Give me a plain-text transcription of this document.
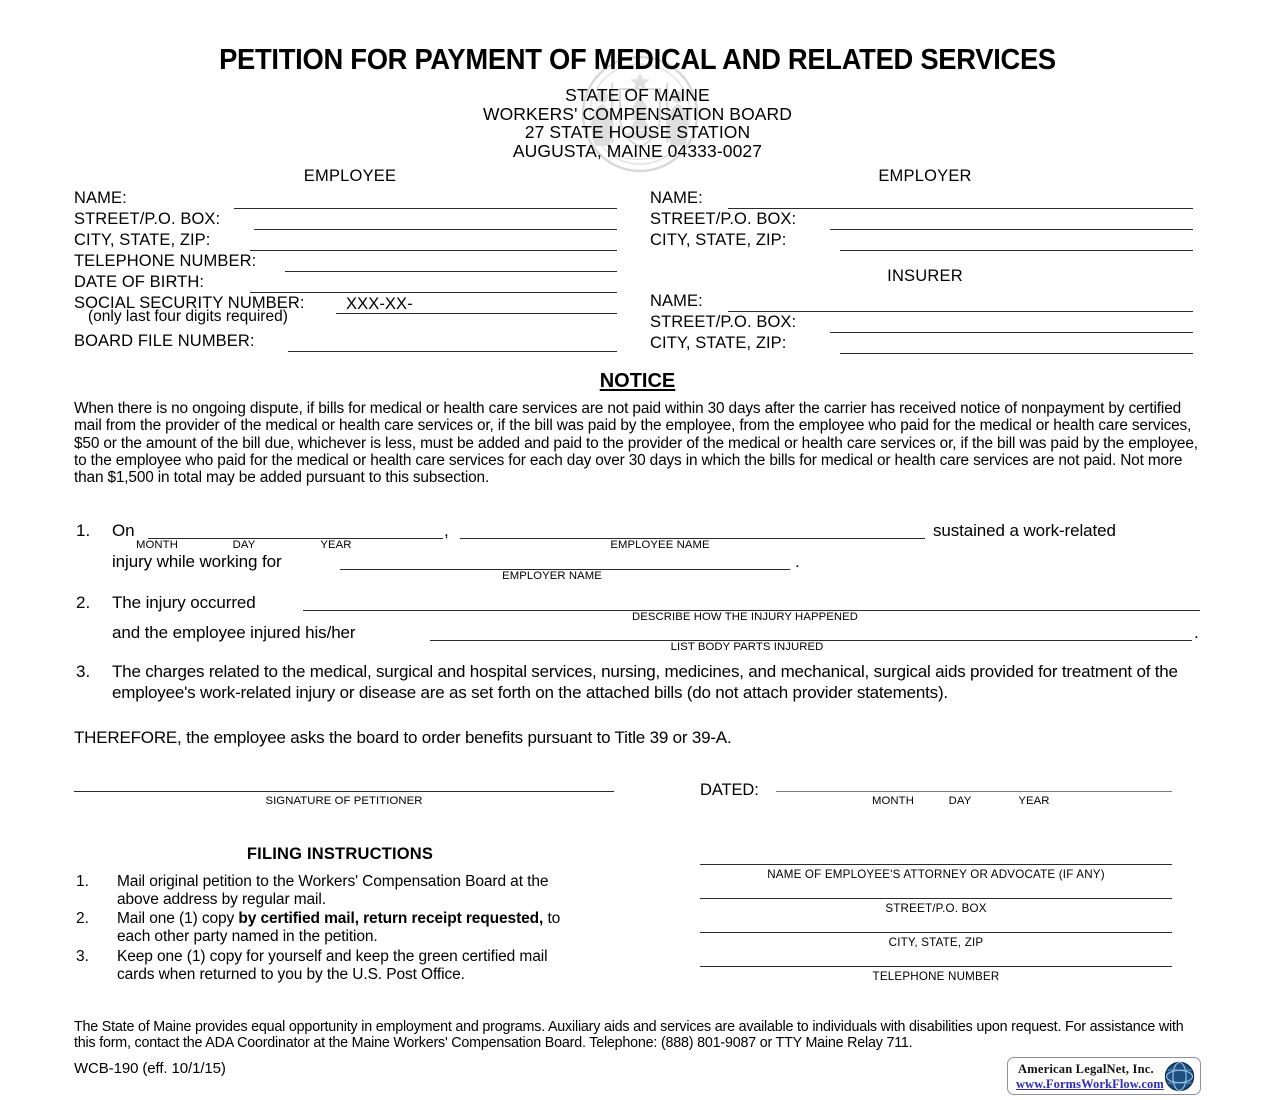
PETITION FOR PAYMENT OF MEDICAL AND RELATED SERVICES
STATE OF MAINE
WORKERS' COMPENSATION BOARD
27 STATE HOUSE STATION
AUGUSTA, MAINE 04333-0027
EMPLOYEE
NAME:
STREET/P.O. BOX:
CITY, STATE, ZIP:
TELEPHONE NUMBER:
DATE OF BIRTH:
SOCIAL SECURITY NUMBER:	XXX-XX-
(only last four digits required)
BOARD FILE NUMBER:
EMPLOYER
NAME:
STREET/P.O. BOX:
CITY, STATE, ZIP:
INSURER
NAME:
STREET/P.O. BOX:
CITY, STATE, ZIP:
NOTICE
When there is no ongoing dispute, if bills for medical or health care services are not paid within 30 days after the carrier has received notice of nonpayment by certified mail from the provider of the medical or health care services or, if the bill was paid by the employee, from the employee who paid for the medical or health care services, $50 or the amount of the bill due, whichever is less, must be added and paid to the provider of the medical or health care services or, if the bill was paid by the employee, to the employee who paid for the medical or health care services for each day over 30 days in which the bills for medical or health care services are not paid. Not more than $1,500 in total may be added pursuant to this subsection.
1. On	,	sustained a work-related
MONTH	DAY	YEAR	EMPLOYEE NAME
injury while working for	.
EMPLOYER NAME
2. The injury occurred
DESCRIBE HOW THE INJURY HAPPENED
and the employee injured his/her	.
LIST BODY PARTS INJURED
3. The charges related to the medical, surgical and hospital services, nursing, medicines, and mechanical, surgical aids provided for treatment of the employee's work-related injury or disease are as set forth on the attached bills (do not attach provider statements).
THEREFORE, the employee asks the board to order benefits pursuant to Title 39 or 39-A.
SIGNATURE OF PETITIONER
DATED:
MONTH	DAY	YEAR
FILING INSTRUCTIONS
1. Mail original petition to the Workers' Compensation Board at the above address by regular mail.
2. Mail one (1) copy by certified mail, return receipt requested, to each other party named in the petition.
3. Keep one (1) copy for yourself and keep the green certified mail cards when returned to you by the U.S. Post Office.
NAME OF EMPLOYEE'S ATTORNEY OR ADVOCATE (IF ANY)
STREET/P.O. BOX
CITY, STATE, ZIP
TELEPHONE NUMBER
The State of Maine provides equal opportunity in employment and programs. Auxiliary aids and services are available to individuals with disabilities upon request. For assistance with this form, contact the ADA Coordinator at the Maine Workers' Compensation Board. Telephone: (888) 801-9087 or TTY Maine Relay 711.
WCB-190 (eff. 10/1/15)	American LegalNet, Inc.
www.FormsWorkFlow.com
